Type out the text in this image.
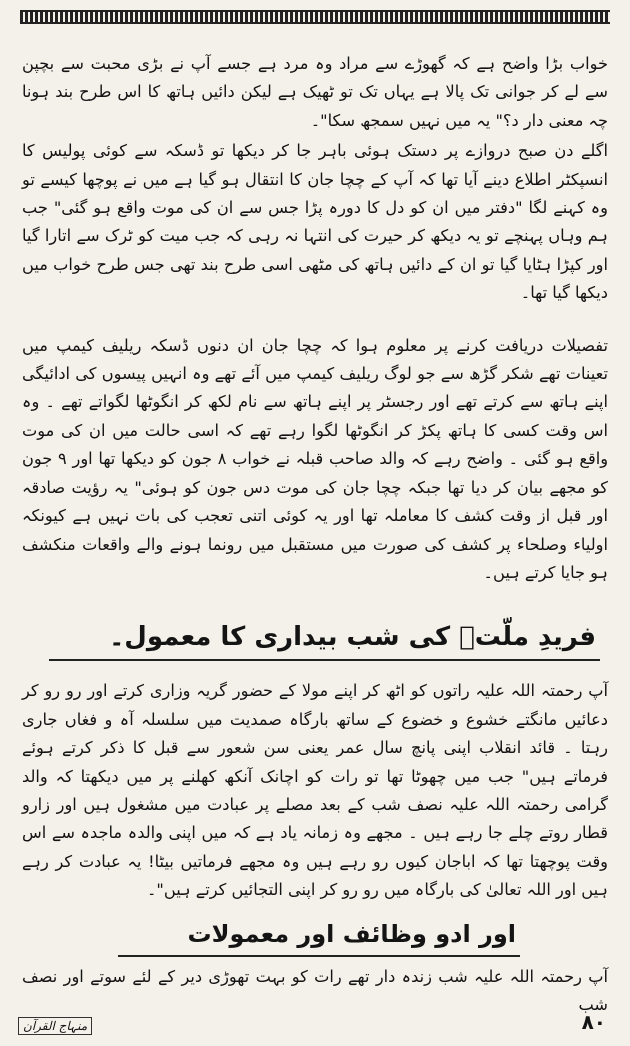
خواب بڑا واضح ہے کہ گھوڑے سے مراد وہ مرد ہے جسے آپ نے بڑی محبت سے بچپن سے لے کر جوانی تک پالا ہے یہاں تک تو ٹھیک ہے لیکن دائیں ہاتھ کا اس طرح بند ہونا چہ معنی دار د؟" یہ میں نہیں سمجھ سکا"۔

اگلے دن صبح دروازے پر دستک ہوئی باہر جا کر دیکھا تو ڈسکہ سے کوئی پولیس کا انسپکٹر اطلاع دینے آیا تھا کہ آپ کے چچا جان کا انتقال ہو گیا ہے میں نے پوچھا کیسے تو وہ کہنے لگا "دفتر میں ان کو دل کا دورہ پڑا جس سے ان کی موت واقع ہو گئی" جب ہم وہاں پہنچے تو یہ دیکھ کر حیرت کی انتہا نہ رہی کہ جب میت کو ٹرک سے اتارا گیا اور کپڑا ہٹایا گیا تو ان کے دائیں ہاتھ کی مٹھی اسی طرح بند تھی جس طرح خواب میں دیکھا گیا تھا۔

تفصیلات دریافت کرنے پر معلوم ہوا کہ چچا جان ان دنوں ڈسکہ ریلیف کیمپ میں تعینات تھے شکر گڑھ سے جو لوگ ریلیف کیمپ میں آئے تھے وہ انہیں پیسوں کی ادائیگی اپنے ہاتھ سے کرتے تھے اور رجسٹر پر اپنے ہاتھ سے نام لکھ کر انگوٹھا لگواتے تھے ۔ وہ اس وقت کسی کا ہاتھ پکڑ کر انگوٹھا لگوا رہے تھے کہ اسی حالت میں ان کی موت واقع ہو گئی ۔ واضح رہے کہ والد صاحب قبلہ نے خواب ۸ جون کو دیکھا تھا اور ۹ جون کو مجھے بیان کر دیا تھا جبکہ چچا جان کی موت دس جون کو ہوئی" یہ رؤیت صادقہ اور قبل از وقت کشف کا معاملہ تھا اور یہ کوئی اتنی تعجب کی بات نہیں ہے کیونکہ اولیاء وصلحاء پر کشف کی صورت میں مستقبل میں رونما ہونے والے واقعات منکشف ہو جایا کرتے ہیں۔

فریدِ ملّتؒ کی شب بیداری کا معمول۔

آپ رحمتہ اللہ علیہ راتوں کو اٹھ کر اپنے مولا کے حضور گریہ وزاری کرتے اور رو رو کر دعائیں مانگتے خشوع و خضوع کے ساتھ بارگاہ صمدیت میں سلسلہ آہ و فغاں جاری رہتا ۔ قائد انقلاب اپنی پانچ سال عمر یعنی سن شعور سے قبل کا ذکر کرتے ہوئے فرماتے ہیں" جب میں چھوٹا تھا تو رات کو اچانک آنکھ کھلنے پر میں دیکھتا کہ والد گرامی رحمتہ اللہ علیہ نصف شب کے بعد مصلے پر عبادت میں مشغول ہیں اور زارو قطار روتے چلے جا رہے ہیں ۔ مجھے وہ زمانہ یاد ہے کہ میں اپنی والدہ ماجدہ سے اس وقت پوچھتا تھا کہ اباجان کیوں رو رہے ہیں وہ مجھے فرماتیں بیٹا! یہ عبادت کر رہے ہیں اور اللہ تعالیٰ کی بارگاہ میں رو رو کر اپنی التجائیں کرتے ہیں"۔

اور ادو وظائف اور معمولات

آپ رحمتہ اللہ علیہ شب زندہ دار تھے رات کو بہت تھوڑی دیر کے لئے سوتے اور نصف شب

۸۰
منہاج القرآن
